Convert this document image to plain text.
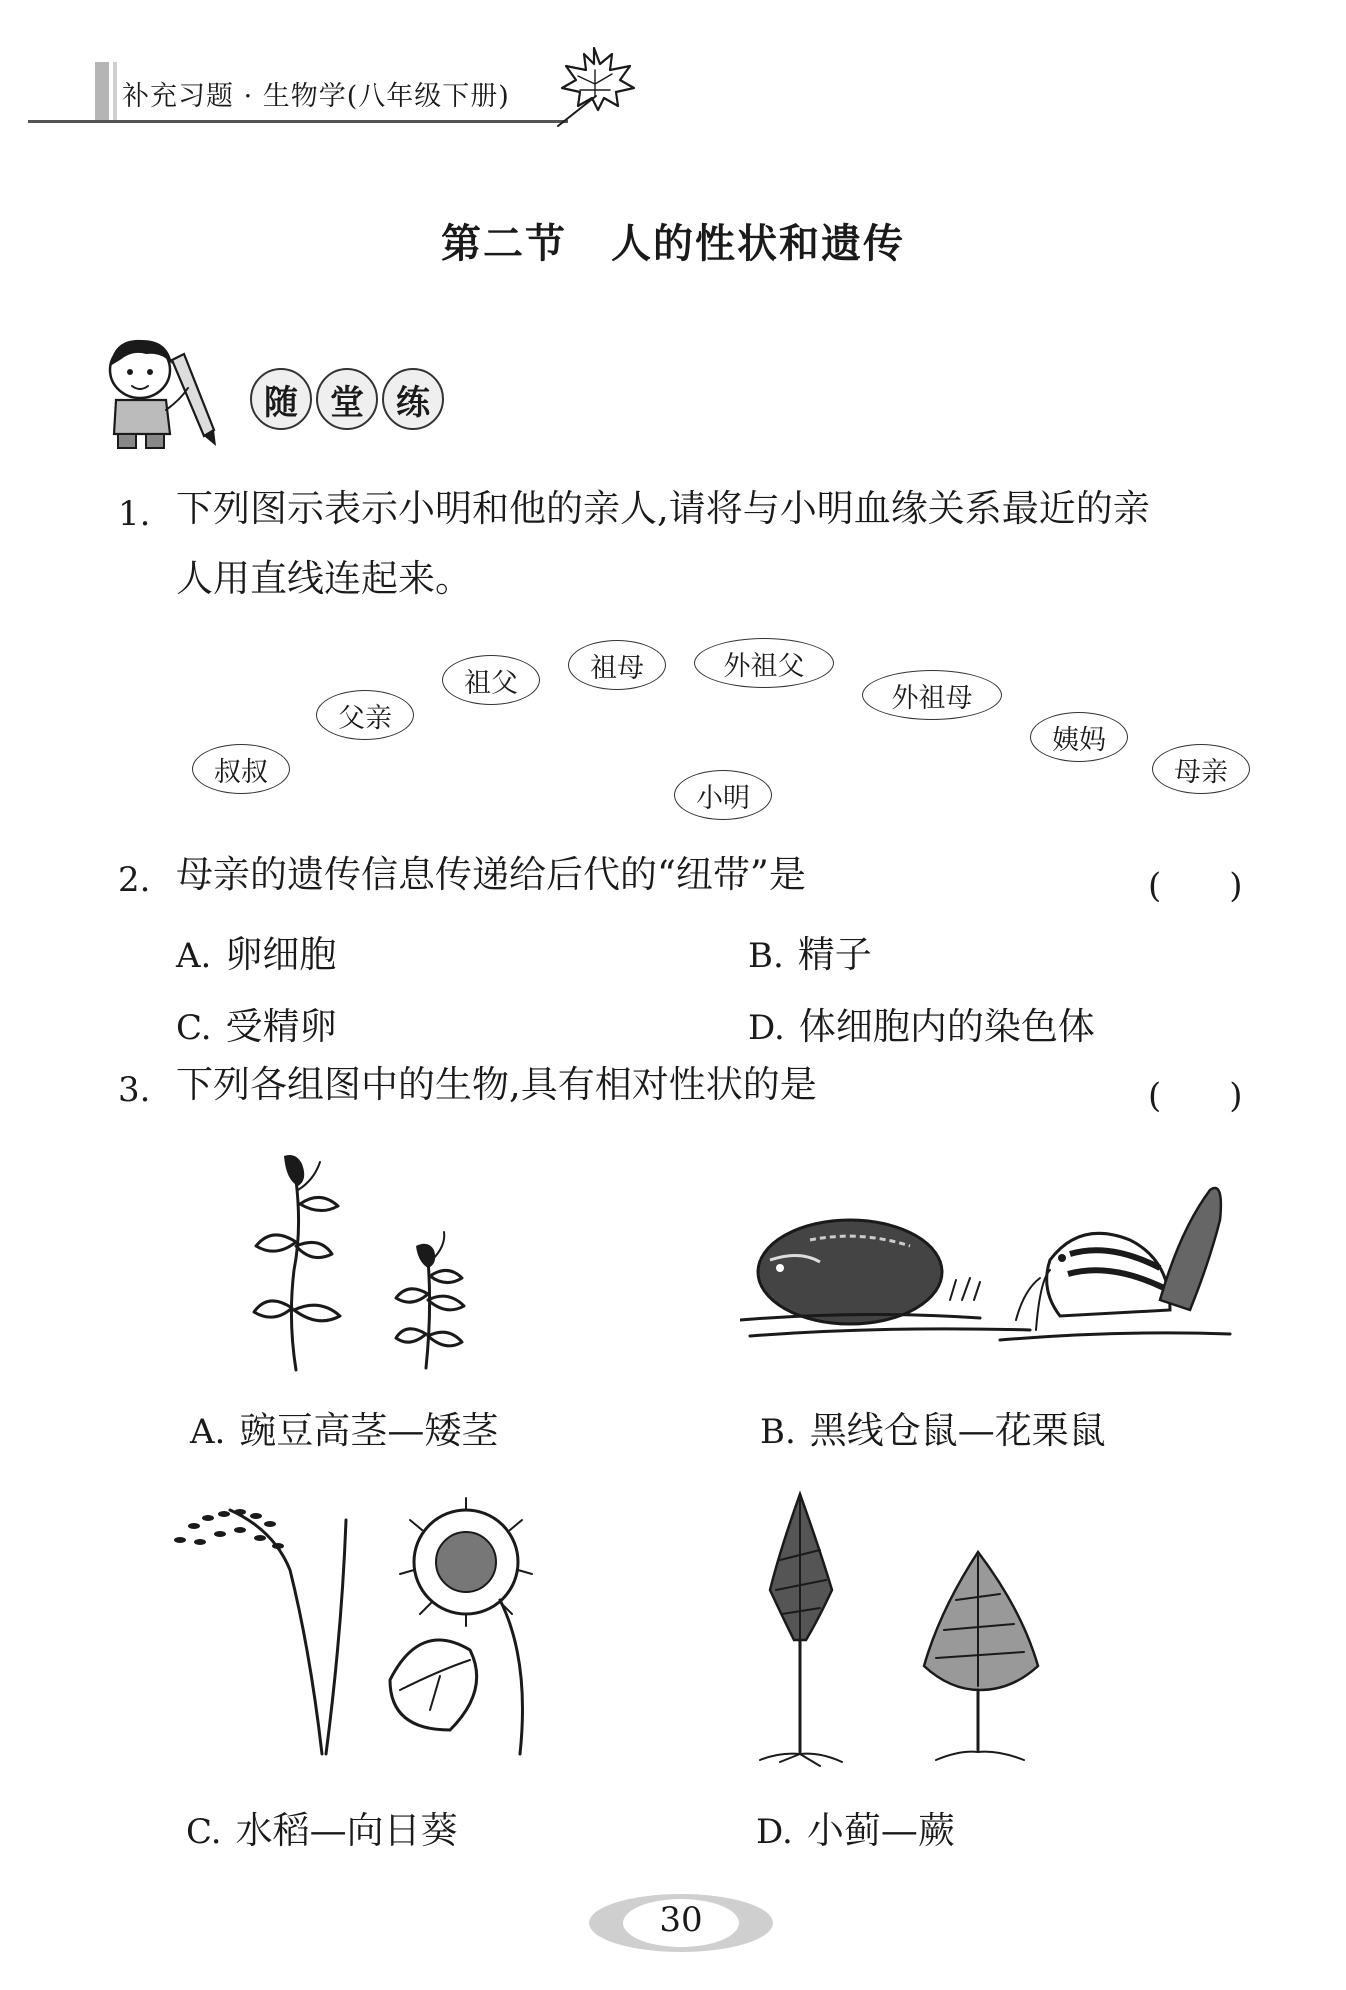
补充习题 · 生物学(八年级下册)
第二节 人的性状和遗传
随 堂 练
1. 下列图示表示小明和他的亲人,请将与小明血缘关系最近的亲
人用直线连起来。
祖父	祖母	外祖父
外祖母
父亲
姨妈
叔叔	母亲
小明
2. 母亲的遗传信息传递给后代的“纽带”是	(　　)
A. 卵细胞	B. 精子
C. 受精卵	D. 体细胞内的染色体
3. 下列各组图中的生物,具有相对性状的是	(　　)
A. 豌豆高茎—矮茎	B. 黑线仓鼠—花栗鼠
C. 水稻—向日葵	D. 小蓟—蕨
30
